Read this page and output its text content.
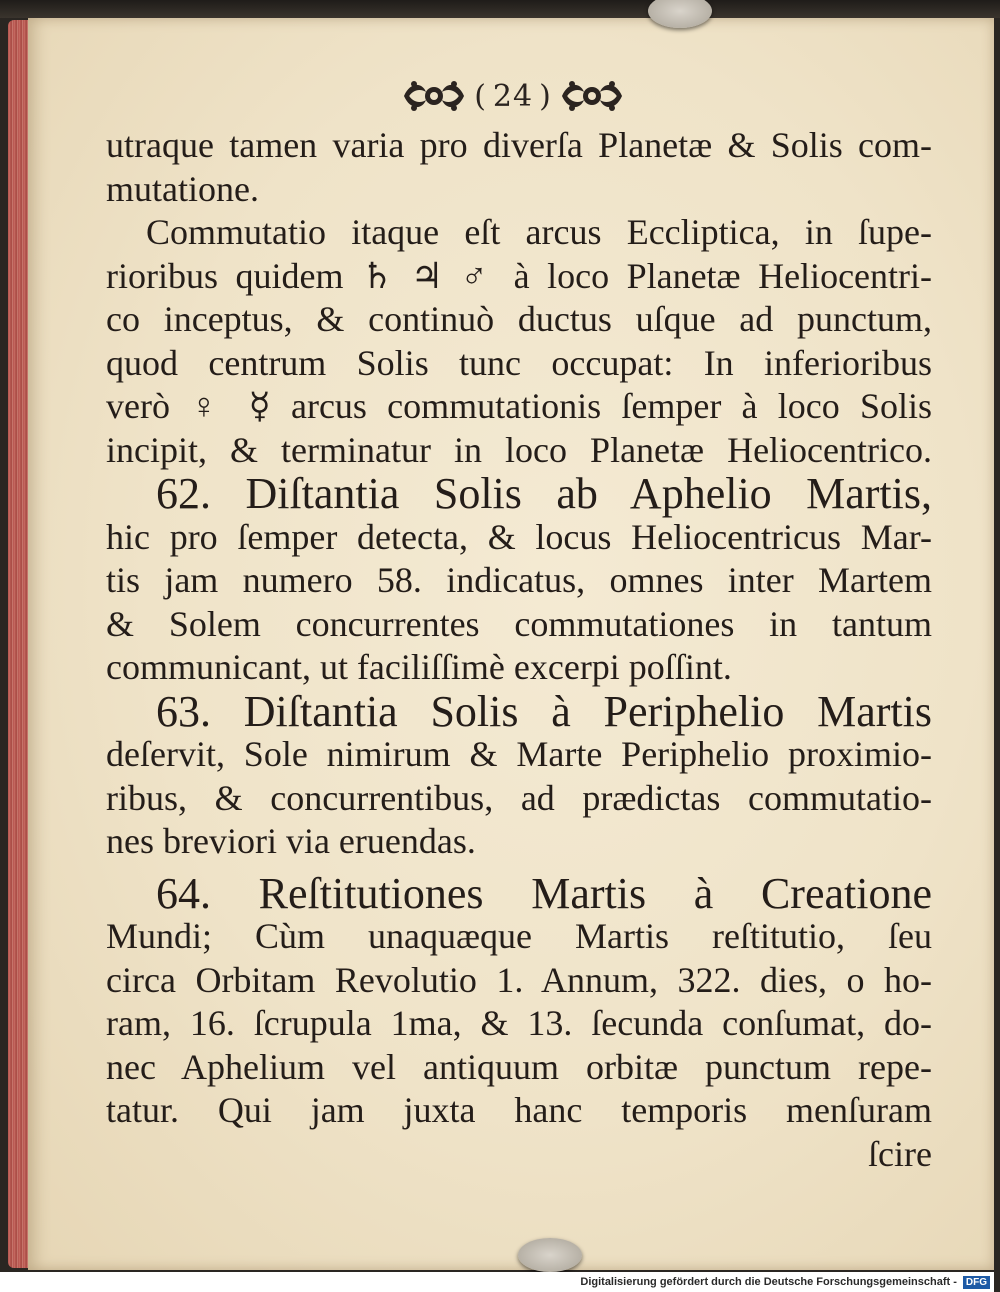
( 24 )
utraque tamen varia pro diverſa Planetæ & Solis com-
mutatione.
Commutatio itaque eſt arcus Eccliptica, in ſupe-
rioribus quidem ♄ ♃ ♂ à loco Planetæ Heliocentri-
co inceptus, & continuò ductus uſque ad punctum,
quod centrum Solis tunc occupat: In inferioribus
verò ♀ ☿ arcus commutationis ſemper à loco Solis
incipit, & terminatur in loco Planetæ Heliocentrico.
62. Diſtantia Solis ab Aphelio Martis,
hic pro ſemper detecta, & locus Heliocentricus Mar-
tis jam numero 58. indicatus, omnes inter Martem
& Solem concurrentes commutationes in tantum
communicant, ut faciliſſimè excerpi poſſint.
63. Diſtantia Solis à Periphelio Martis
deſervit, Sole nimirum & Marte Periphelio proximio-
ribus, & concurrentibus, ad prædictas commutatio-
nes breviori via eruendas.
64. Reſtitutiones Martis à Creatione
Mundi; Cùm unaquæque Martis reſtitutio, ſeu
circa Orbitam Revolutio 1. Annum, 322. dies, o ho-
ram, 16. ſcrupula 1ma, & 13. ſecunda conſumat, do-
nec Aphelium vel antiquum orbitæ punctum repe-
tatur. Qui jam juxta hanc temporis menſuram
ſcire
Digitalisierung gefördert durch die Deutsche Forschungsgemeinschaft - DFG
